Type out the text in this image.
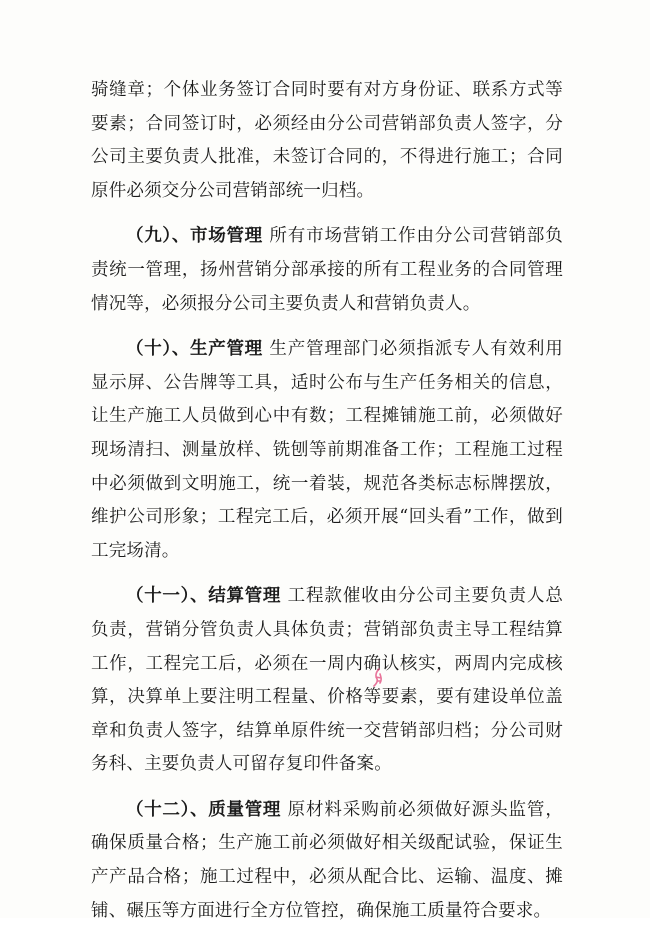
骑缝章；个体业务签订合同时要有对方身份证、联系方式等要素；合同签订时，必须经由分公司营销部负责人签字，分公司主要负责人批准，未签订合同的，不得进行施工；合同原件必须交分公司营销部统一归档。

（九）、市场管理 所有市场营销工作由分公司营销部负责统一管理，扬州营销分部承接的所有工程业务的合同管理情况等，必须报分公司主要负责人和营销负责人。

（十）、生产管理 生产管理部门必须指派专人有效利用显示屏、公告牌等工具，适时公布与生产任务相关的信息，让生产施工人员做到心中有数；工程摊铺施工前，必须做好现场清扫、测量放样、铣刨等前期准备工作；工程施工过程中必须做到文明施工，统一着装，规范各类标志标牌摆放，维护公司形象；工程完工后，必须开展“回头看”工作，做到工完场清。

（十一）、结算管理 工程款催收由分公司主要负责人总负责，营销分管负责人具体负责；营销部负责主导工程结算工作，工程完工后，必须在一周内确认核实，两周内完成核算，决算单上要注明工程量、价格等要素，要有建设单位盖章和负责人签字，结算单原件统一交营销部归档；分公司财务科、主要负责人可留存复印件备案。

（十二）、质量管理 原材料采购前必须做好源头监管，确保质量合格；生产施工前必须做好相关级配试验，保证生产产品合格；施工过程中，必须从配合比、运输、温度、摊铺、碾压等方面进行全方位管控，确保施工质量符合要求。
